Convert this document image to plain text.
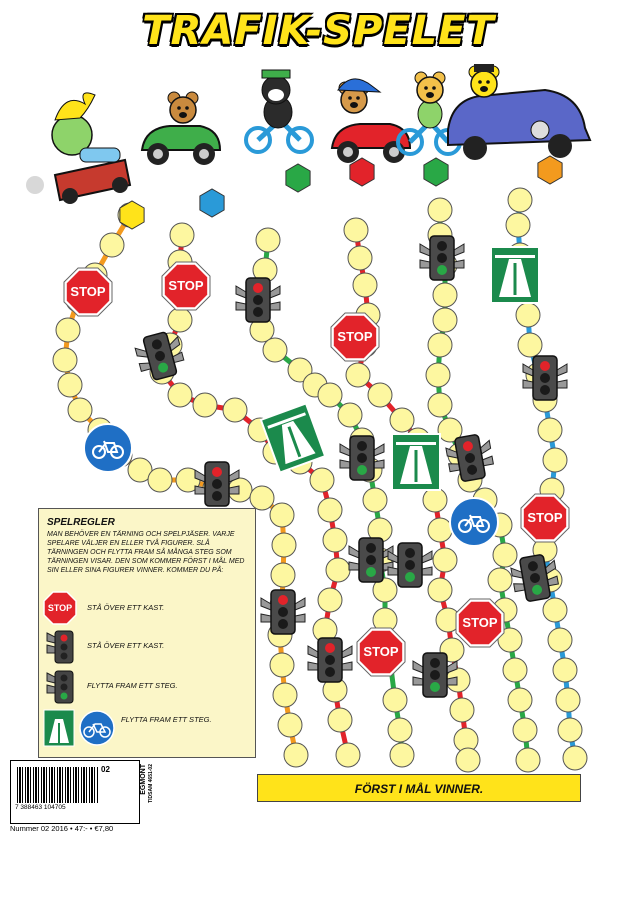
STOP	STOP
STOP
STOP
STOP
STOP
TRAFIK-SPELET
SPELREGLER

MAN BEHÖVER EN TÄRNING OCH SPELPJÄSER. VARJE SPELARE VÄLJER EN ELLER TVÅ FIGURER. SLÅ TÄRNINGEN OCH FLYTTA FRAM SÅ MÅNGA STEG SOM TÄRNINGEN VISAR. DEN SOM KOMMER FÖRST I MÅL MED SIN ELLER SINA FIGURER VINNER. KOMMER DU PÅ:

STOP STÅ ÖVER ETT KAST.
STÅ ÖVER ETT KAST.
FLYTTA FRAM ETT STEG.
FLYTTA FRAM ETT STEG.
FÖRST I MÅL VINNER.
7 388463 104705
02	EGMONT TIDSAM 4651-02
Nummer 02 2016 • 47:- • €7,80
